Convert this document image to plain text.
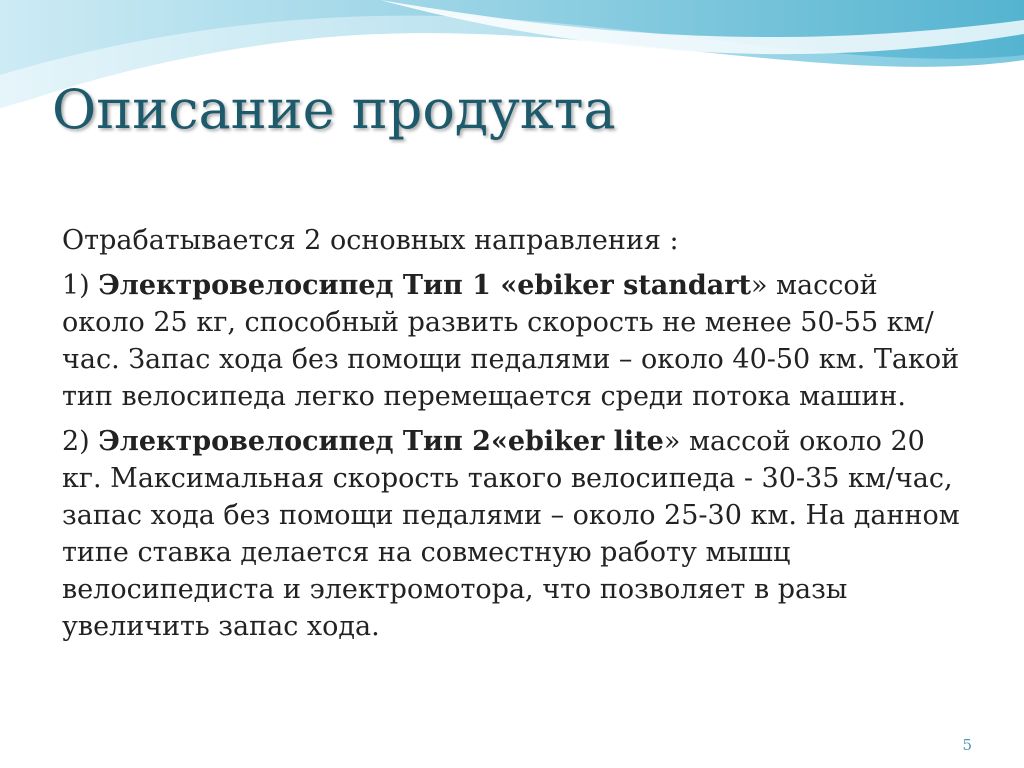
Описание продукта

Отрабатывается 2 основных направления :

1) Электровелосипед Тип 1 «ebiker standart» массой около 25 кг, способный развить скорость не менее 50-55 км/час. Запас хода без помощи педалями – около 40-50 км. Такой тип велосипеда легко перемещается среди потока машин.

2) Электровелосипед Тип 2«ebiker lite» массой около 20 кг. Максимальная скорость такого велосипеда - 30-35 км/час, запас хода без помощи педалями – около 25-30 км. На данном типе ставка делается на совместную работу мышц велосипедиста и электромотора, что позволяет в разы увеличить запас хода.

5
